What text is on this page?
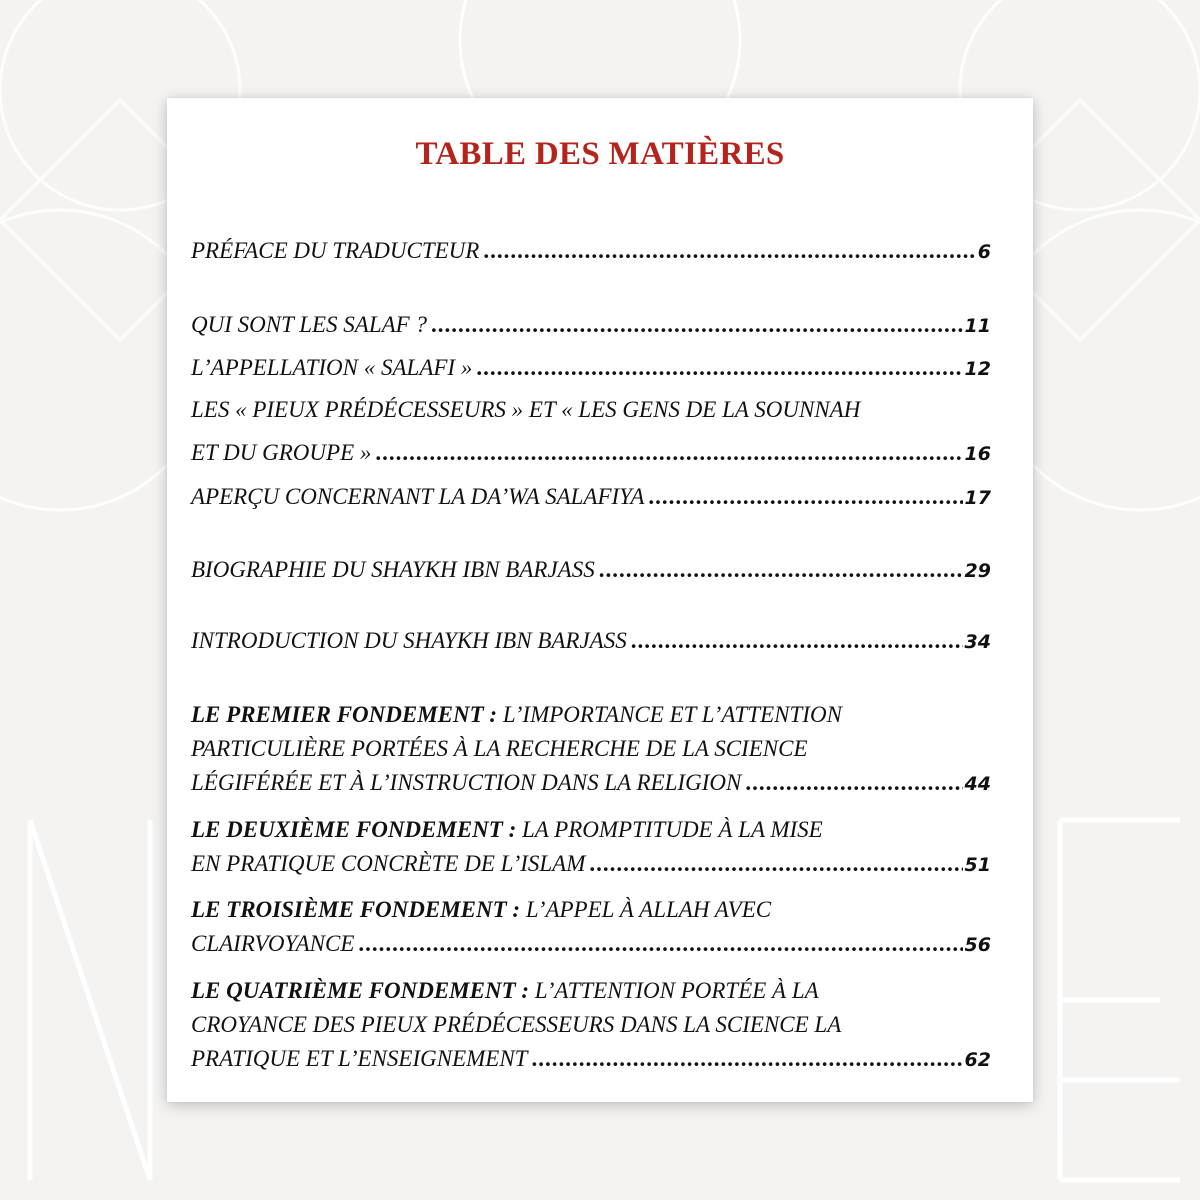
TABLE DES MATIÈRES
PRÉFACE DU TRADUCTEUR .....	6
QUI SONT LES SALAF ? .....	11
L’APPELLATION « SALAFI » .....	12
LES « PIEUX PRÉDÉCESSEURS » ET « LES GENS DE LA SOUNNAH
ET DU GROUPE » .....	16
APERÇU CONCERNANT LA DA’WA SALAFIYA .....	17
BIOGRAPHIE DU SHAYKH IBN BARJASS .....	29
INTRODUCTION DU SHAYKH IBN BARJASS .....	34
LE PREMIER FONDEMENT : L’IMPORTANCE ET L’ATTENTION
PARTICULIÈRE PORTÉES À LA RECHERCHE DE LA SCIENCE
LÉGIFÉRÉE ET À L’INSTRUCTION DANS LA RELIGION .....	44
LE DEUXIÈME FONDEMENT : LA PROMPTITUDE À LA MISE
EN PRATIQUE CONCRÈTE DE L’ISLAM .....	51
LE TROISIÈME FONDEMENT : L’APPEL À ALLAH AVEC
CLAIRVOYANCE .....	56
LE QUATRIÈME FONDEMENT : L’ATTENTION PORTÉE À LA
CROYANCE DES PIEUX PRÉDÉCESSEURS DANS LA SCIENCE LA
PRATIQUE ET L’ENSEIGNEMENT .....	62
